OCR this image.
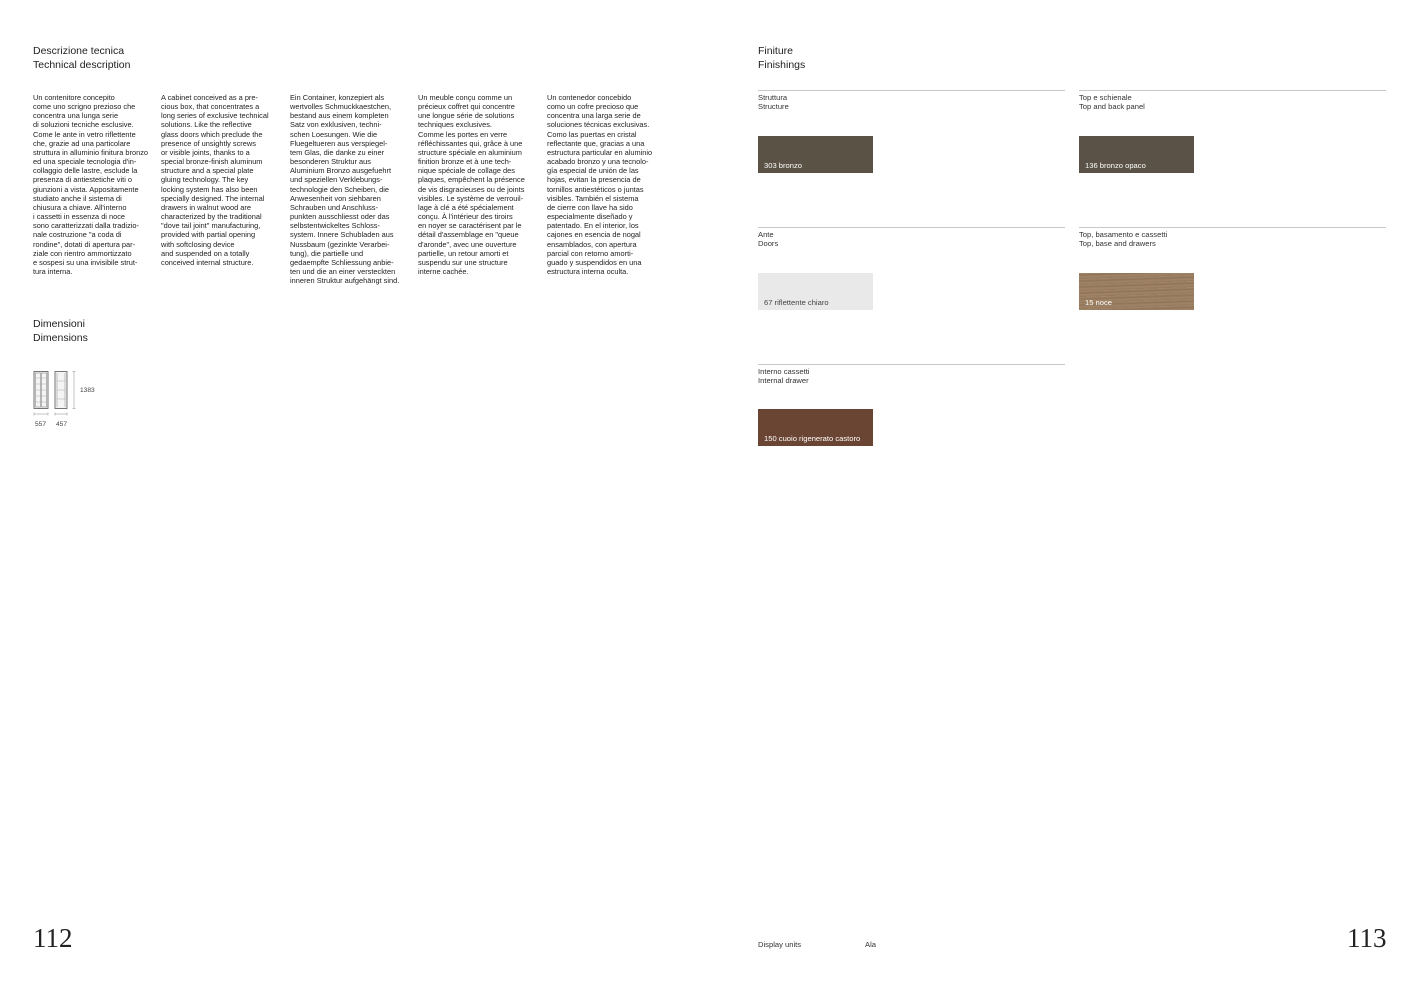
Descrizione tecnica
Technical description
Un contenitore concepito
come uno scrigno prezioso che
concentra una lunga serie
di soluzioni tecniche esclusive.
Come le ante in vetro riflettente
che, grazie ad una particolare
struttura in alluminio finitura bronzo
ed una speciale tecnologia d'in-
collaggio delle lastre, esclude la
presenza di antiestetiche viti o
giunzioni a vista. Appositamente
studiato anche il sistema di
chiusura a chiave. All'interno
i cassetti in essenza di noce
sono caratterizzati dalla tradizio-
nale costruzione "a coda di
rondine", dotati di apertura par-
ziale con rientro ammortizzato
e sospesi su una invisibile strut-
tura interna.
A cabinet conceived as a pre-
cious box, that concentrates a
long series of exclusive technical
solutions. Like the reflective
glass doors which preclude the
presence of unsightly screws
or visible joints, thanks to a
special bronze-finish aluminum
structure and a special plate
gluing technology. The key
locking system has also been
specially designed. The internal
drawers in walnut wood are
characterized by the traditional
"dove tail joint" manufacturing,
provided with partial opening
with softclosing device
and suspended on a totally
conceived internal structure.
Ein Container, konzepiert als
wertvolles Schmuckkaestchen,
bestand aus einem kompleten
Satz von exklusiven, techni-
schen Loesungen. Wie die
Fluegeltueren aus verspiegel-
tem Glas, die danke zu einer
besonderen Struktur aus
Aluminium Bronzo ausgefuehrt
und speziellen Verklebungs-
technologie den Scheiben, die
Anwesenheit von siehbaren
Schrauben und Anschluss-
punkten ausschliesst oder das
selbstentwickeltes Schloss-
system. Innere Schubladen aus
Nussbaum (gezinkte Verarbei-
tung), die partielle und
gedaempfte Schliessung anbie-
ten und die an einer versteckten
inneren Struktur aufgehängt sind.
Un meuble conçu comme un
précieux coffret qui concentre
une longue série de solutions
techniques exclusives.
Comme les portes en verre
réfléchissantes qui, grâce à une
structure spéciale en aluminium
finition bronze et à une tech-
nique spéciale de collage des
plaques, empêchent la présence
de vis disgracieuses ou de joints
visibles. Le système de verrouil-
lage à clé a été spécialement
conçu. À l'intérieur des tiroirs
en noyer se caractérisent par le
détail d'assemblage en "queue
d'aronde", avec une ouverture
partielle, un retour amorti et
suspendu sur une structure
interne cachée.
Un contenedor concebido
como un cofre precioso que
concentra una larga serie de
soluciones técnicas exclusivas.
Como las puertas en cristal
reflectante que, gracias a una
estructura particular en aluminio
acabado bronzo y una tecnolo-
gía especial de unión de las
hojas, evitan la presencia de
tornillos antiestéticos o juntas
visibles. También el sistema
de cierre con llave ha sido
especialmente diseñado y
patentado. En el interior, los
cajones en esencia de nogal
ensamblados, con apertura
parcial con retorno amorti-
guado y suspendidos en una
estructura interna oculta.
Dimensioni
Dimensions
1383
557 457
112
Finiture
Finishings
Struttura
Structure
303 bronzo
Top e schienale
Top and back panel
136 bronzo opaco
Ante
Doors
67 riflettente chiaro
Top, basamento e cassetti
Top, base and drawers
15 noce
Interno cassetti
Internal drawer
150 cuoio rigenerato castoro
Display units	Ala	113
